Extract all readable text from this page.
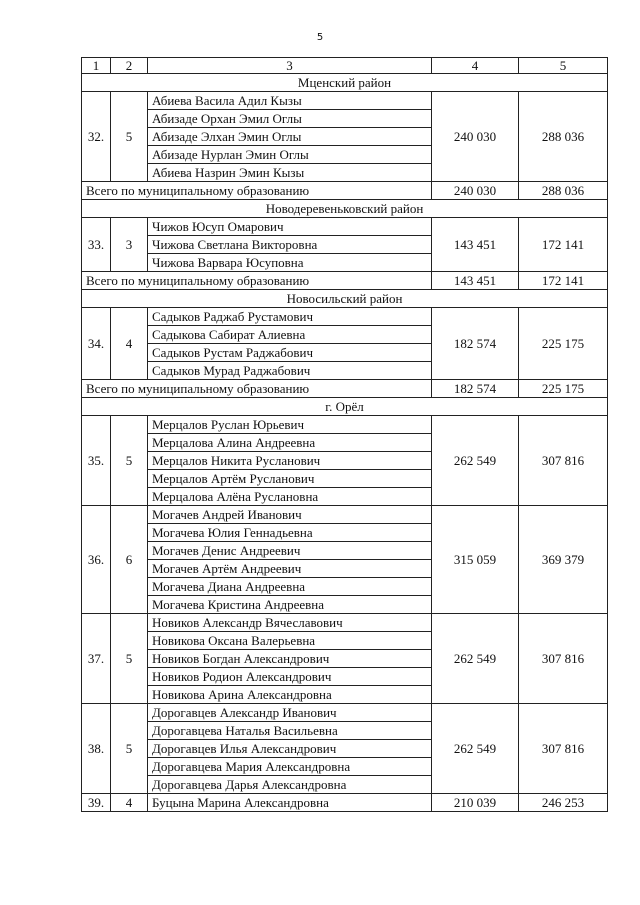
5
1	2	3	4	5
Мценский район				
32.	5	Абиева Васила Адил Кызы	240 030	288 036
		Абизаде Орхан Эмил Оглы		
		Абизаде Элхан Эмин Оглы		
		Абизаде Нурлан Эмин Оглы		
		Абиева Назрин Эмин Кызы		
Всего по муниципальному образованию			240 030	288 036
Новодеревеньковский район				
33.	3	Чижов Юсуп Омарович	143 451	172 141
		Чижова Светлана Викторовна		
		Чижова Варвара Юсуповна		
Всего по муниципальному образованию			143 451	172 141
Новосильский район				
34.	4	Садыков Раджаб Рустамович	182 574	225 175
		Садыкова Сабират Алиевна		
		Садыков Рустам Раджабович		
		Садыков Мурад Раджабович		
Всего по муниципальному образованию			182 574	225 175
г. Орёл				
35.	5	Мерцалов Руслан Юрьевич	262 549	307 816
		Мерцалова Алина Андреевна		
		Мерцалов Никита Русланович		
		Мерцалов Артём Русланович		
		Мерцалова Алёна Руслановна		
36.	6	Могачев Андрей Иванович	315 059	369 379
		Могачева Юлия Геннадьевна		
		Могачев Денис Андреевич		
		Могачев Артём Андреевич		
		Могачева Диана Андреевна		
		Могачева Кристина Андреевна		
37.	5	Новиков Александр Вячеславович	262 549	307 816
		Новикова Оксана Валерьевна		
		Новиков Богдан Александрович		
		Новиков Родион Александрович		
		Новикова Арина Александровна		
38.	5	Дорогавцев Александр Иванович	262 549	307 816
		Дорогавцева Наталья Васильевна		
		Дорогавцев Илья Александрович		
		Дорогавцева Мария Александровна		
		Дорогавцева Дарья Александровна		
39.	4	Буцына Марина Александровна	210 039	246 253
